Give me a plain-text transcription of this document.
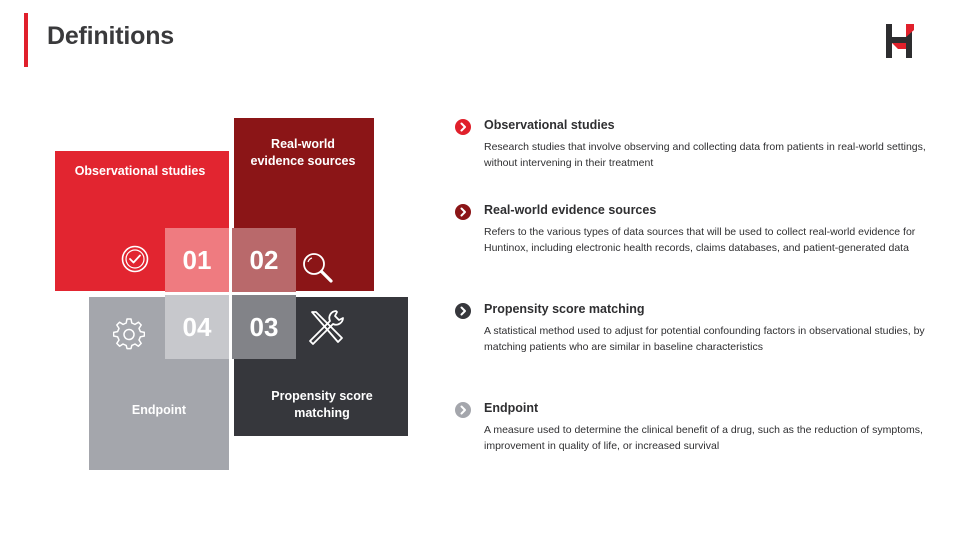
Definitions
Observational studies
Real-world
evidence sources
Propensity score
matching
Endpoint
01	02
04	03
Observational studies
Research studies that involve observing and collecting data from patients in real-world settings, without intervening in their treatment
Real-world evidence sources
Refers to the various types of data sources that will be used to collect real-world evidence for Huntinox, including electronic health records, claims databases, and patient-generated data
Propensity score matching
A statistical method used to adjust for potential confounding factors in observational studies, by matching patients who are similar in baseline characteristics
Endpoint
A measure used to determine the clinical benefit of a drug, such as the reduction of symptoms, improvement in quality of life, or increased survival
